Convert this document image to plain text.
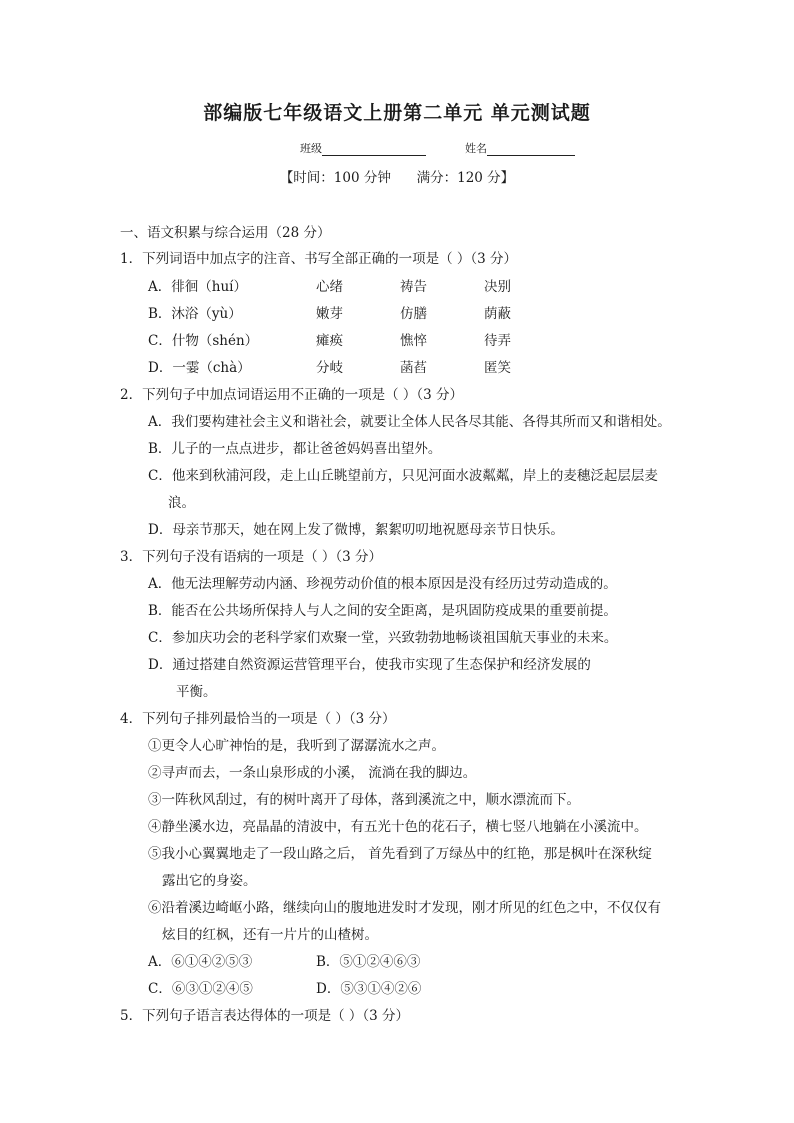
部编版七年级语文上册第二单元 单元测试题
班级	姓名
【时间：100 分钟      满分：120 分】
一、语文积累与综合运用（28 分）
1．下列词语中加点字的注音、书写全部正确的一项是（ ）（3 分）
A．徘徊（huí）	心绪	祷告	决别
B．沐浴（yù）	嫩芽	仿膳	荫蔽
C．什物（shén）	瘫痪	憔悴	待弄
D．一霎（chà）	分岐	菡萏	匿笑
2．下列句子中加点词语运用不正确的一项是（ ）（3 分）
A．我们要构建社会主义和谐社会，就要让全体人民各尽其能、各得其所而又和谐相处。
B．儿子的一点点进步，都让爸爸妈妈喜出望外。
C．他来到秋浦河段，走上山丘眺望前方，只见河面水波粼粼，岸上的麦穗泛起层层麦
浪。
D．母亲节那天，她在网上发了微博，絮絮叨叨地祝愿母亲节日快乐。
3．下列句子没有语病的一项是（ ）（3 分）
A．他无法理解劳动内涵、珍视劳动价值的根本原因是没有经历过劳动造成的。
B．能否在公共场所保持人与人之间的安全距离，是巩固防疫成果的重要前提。
C．参加庆功会的老科学家们欢聚一堂，兴致勃勃地畅谈祖国航天事业的未来。
D．通过搭建自然资源运营管理平台，使我市实现了生态保护和经济发展的
平衡。
4．下列句子排列最恰当的一项是（ ）（3 分）
①更令人心旷神怡的是，我听到了潺潺流水之声。
②寻声而去，一条山泉形成的小溪， 流淌在我的脚边。
③一阵秋风刮过，有的树叶离开了母体，落到溪流之中，顺水漂流而下。
④静坐溪水边，亮晶晶的清波中，有五光十色的花石子，横七竖八地躺在小溪流中。
⑤我小心翼翼地走了一段山路之后， 首先看到了万绿丛中的红艳，那是枫叶在深秋绽
露出它的身姿。
⑥沿着溪边崎岖小路，继续向山的腹地进发时才发现，刚才所见的红色之中，不仅仅有
炫目的红枫，还有一片片的山楂树。
A．⑥①④②⑤③	B．⑤①②④⑥③
C．⑥③①②④⑤	D．⑤③①④②⑥
5．下列句子语言表达得体的一项是（ ）（3 分）
